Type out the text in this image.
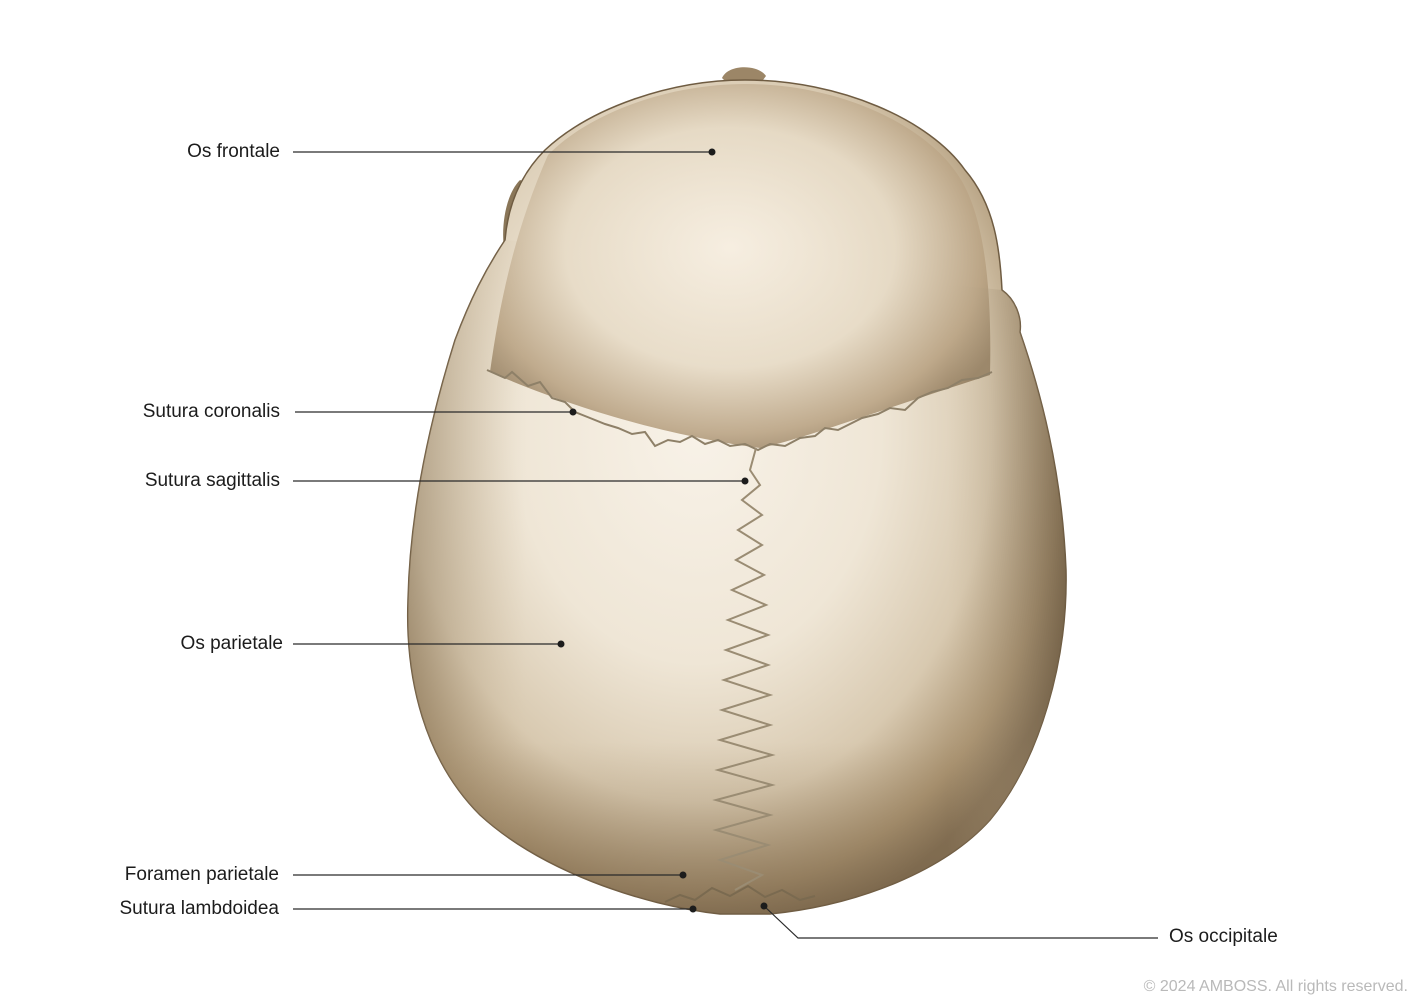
Os frontale
Sutura coronalis
Sutura sagittalis
Os parietale
Foramen parietale
Sutura lambdoidea
Os occipitale
© 2024 AMBOSS. All rights reserved.
